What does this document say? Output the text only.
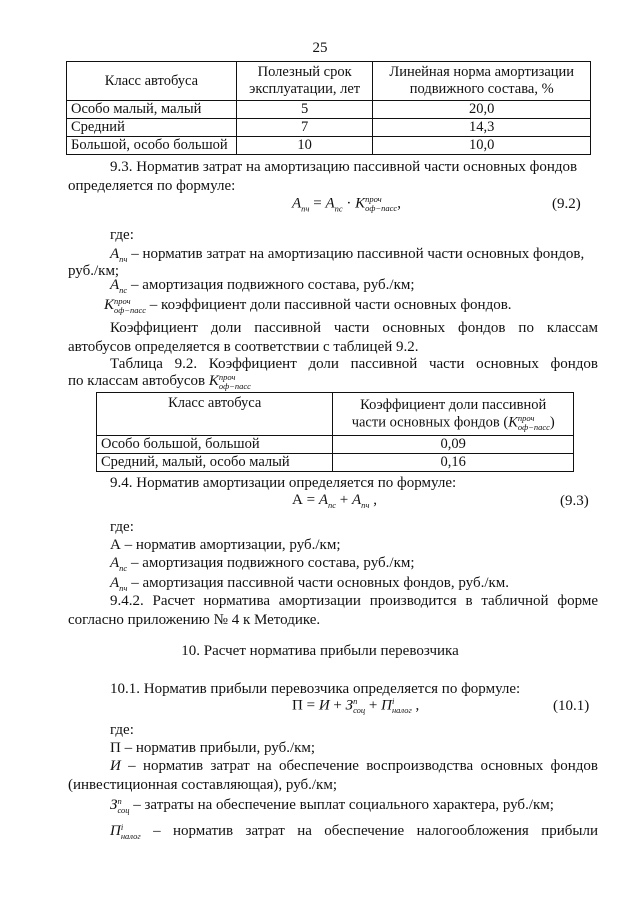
25
Класс автобуса	Полезный срок эксплуатации, лет	Линейная норма амортизации подвижного состава, %
Особо малый, малый	5	20,0
Средний	7	14,3
Большой, особо большой	10	10,0
9.3. Норматив затрат на амортизацию пассивной части основных фондов
определяется по формуле:
$А_{пч} = А_{пс}$ · Кпроч
оф−пасс,	(9.2)
где:
$А_{пч}$ – норматив затрат на амортизацию пассивной части основных фондов,
руб./км;
$А_{пс}$ – амортизация подвижного состава, руб./км;
Кпроч
оф−пасс – коэффициент доли пассивной части основных фондов.
Коэффициент доли пассивной части основных фондов по классам
автобусов определяется в соответствии с таблицей 9.2.
Таблица 9.2. Коэффициент доли пассивной части основных фондов
по классам автобусов Кпроч
оф−пасс
Класс автобуса	Коэффициент доли пассивной
части основных фондов (Кпроч
оф−пасс)
Особо большой, большой	0,09
Средний, малый, особо малый	0,16
9.4. Норматив амортизации определяется по формуле:
$А = А_{пс} + А_{пч}$ ,	(9.3)
где:
А – норматив амортизации, руб./км;
$А_{пс}$ – амортизация подвижного состава, руб./км;
$А_{пч}$ – амортизация пассивной части основных фондов, руб./км.
9.4.2. Расчет норматива амортизации производится в табличной форме
согласно приложению № 4 к Методике.
10. Расчет норматива прибыли перевозчика
10.1. Норматив прибыли перевозчика определяется по формуле:
П = И + Зп
соц + Пi
налог ,	(10.1)
где:
П – норматив прибыли, руб./км;
И – норматив затрат на обеспечение воспроизводства основных фондов
(инвестиционная составляющая), руб./км;
Зп
соц – затраты на обеспечение выплат социального характера, руб./км;
Пi
налог – норматив затрат на обеспечение налогообложения прибыли
